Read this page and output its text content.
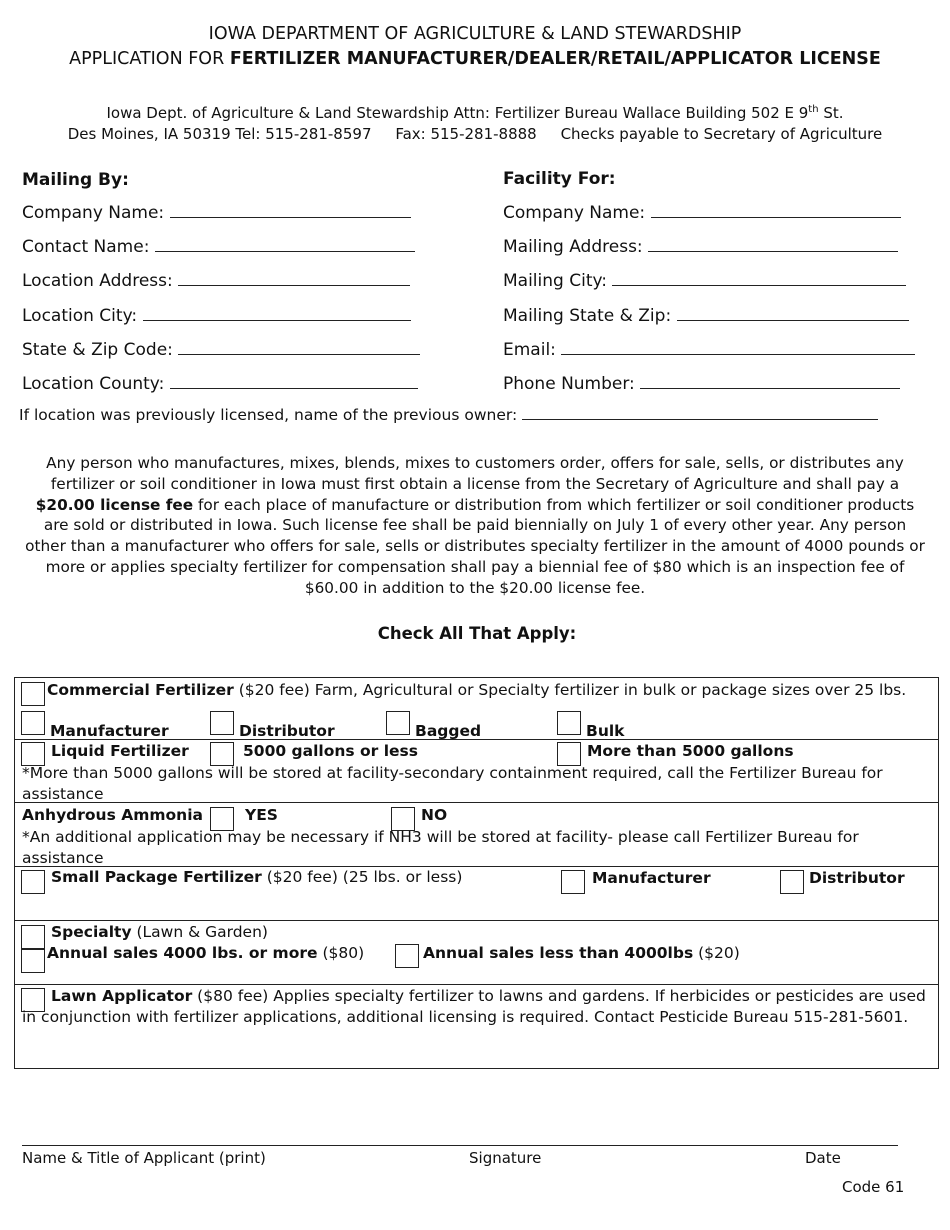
IOWA DEPARTMENT OF AGRICULTURE & LAND STEWARDSHIP
APPLICATION FOR FERTILIZER MANUFACTURER/DEALER/RETAIL/APPLICATOR LICENSE
Iowa Dept. of Agriculture & Land Stewardship Attn: Fertilizer Bureau Wallace Building 502 E 9th St.
Des Moines, IA 50319 Tel: 515-281-8597     Fax: 515-281-8888     Checks payable to Secretary of Agriculture
Mailing By:
Company Name:
Contact Name:
Location Address:
Location City:
State & Zip Code:
Location County:
Facility For:
Company Name:
Mailing Address:
Mailing City:
Mailing State & Zip:
Email:
Phone Number:
If location was previously licensed, name of the previous owner:
Any person who manufactures, mixes, blends, mixes to customers order, offers for sale, sells, or distributes any fertilizer or soil conditioner in Iowa must first obtain a license from the Secretary of Agriculture and shall pay a $20.00 license fee for each place of manufacture or distribution from which fertilizer or soil conditioner products are sold or distributed in Iowa. Such license fee shall be paid biennially on July 1 of every other year. Any person other than a manufacturer who offers for sale, sells or distributes specialty fertilizer in the amount of 4000 pounds or more or applies specialty fertilizer for compensation shall pay a biennial fee of $80 which is an inspection fee of $60.00 in addition to the $20.00 license fee.
Check All That Apply:
Commercial Fertilizer ($20 fee) Farm, Agricultural or Specialty fertilizer in bulk or package sizes over 25 lbs.
Manufacturer	Distributor	Bagged	Bulk

Liquid Fertilizer	5000 gallons or less	More than 5000 gallons
*More than 5000 gallons will be stored at facility-secondary containment required, call the Fertilizer Bureau for assistance

Anhydrous Ammonia	YES	NO
*An additional application may be necessary if NH3 will be stored at facility- please call Fertilizer Bureau for assistance

Small Package Fertilizer ($20 fee) (25 lbs. or less)	Manufacturer	Distributor

Specialty (Lawn & Garden)
Annual sales 4000 lbs. or more ($80)	Annual sales less than 4000lbs ($20)

Lawn Applicator ($80 fee) Applies specialty fertilizer to lawns and gardens. If herbicides or pesticides are used in conjunction with fertilizer applications, additional licensing is required. Contact Pesticide Bureau 515-281-5601.
Name & Title of Applicant (print)	Signature	Date
Code 61
